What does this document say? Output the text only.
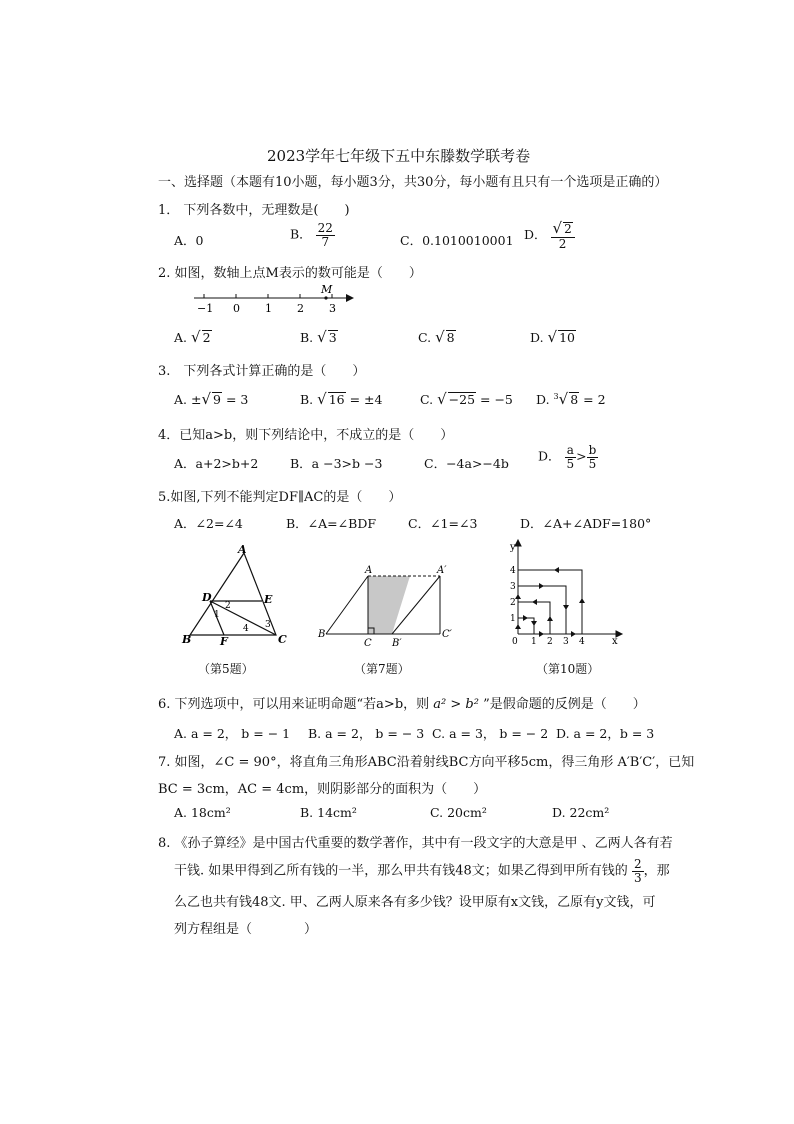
2023学年七年级下五中东滕数学联考卷
一、选择题（本题有10小题，每小题3分，共30分，每小题有且只有一个选项是正确的）
1． 下列各数中，无理数是(　　)
A．0	B． $\frac{22}{7}$	C．0.1010010001 D． $\frac{√ 2}{2}$
2. 如图，数轴上点M表示的数可能是（　　）
M
−1 0 1 2 3
A. √ 2	B. √ 3	C. √ 8	D. √ 10
3.　下列各式计算正确的是（　　）
A. ±√ 9 = 3	B. √ 16 = ±4	C. √ −25 = −5 D. $^3$√ 8 = 2
4．已知a>b，则下列结论中，不成立的是（　　）
A．a+2>b+2	B．a −3>b −3	C．−4a>−4b D． $\frac{a}{5} > \frac{b}{5}$
5.如图,下列不能判定DF∥AC的是（　　）
A．∠2=∠4	B．∠A=∠BDF	C．∠1=∠3	D．∠A+∠ADF=180°
A
D	E
B	F	C
1
2
3
4
（第5题）
A	A′
B
C B′
C′
（第7题）
y
x
0 1 2 3 4
1
2
3
4
（第10题）
6. 下列选项中，可以用来证明命题“若a>b，则 a² > b² ”是假命题的反例是（　　）
A. a = 2， b = − 1 B. a = 2， b = − 3 C. a = 3， b = − 2 D. a = 2，b = 3
7. 如图，∠C = 90°，将直角三角形ABC沿着射线BC方向平移5cm，得三角形 A′B′C′，已知
BC = 3cm，AC = 4cm，则阴影部分的面积为（　　）
A. 18cm²	B. 14cm²	C. 20cm²	D. 22cm²
8. 《孙子算经》是中国古代重要的数学著作，其中有一段文字的大意是甲 、乙两人各有若
干钱. 如果甲得到乙所有钱的一半，那么甲共有钱48文；如果乙得到甲所有钱的 $\frac{2}{3}$ ，那
么乙也共有钱48文. 甲、乙两人原来各有多少钱？设甲原有x文钱，乙原有y文钱，可
列方程组是（　　　　）
